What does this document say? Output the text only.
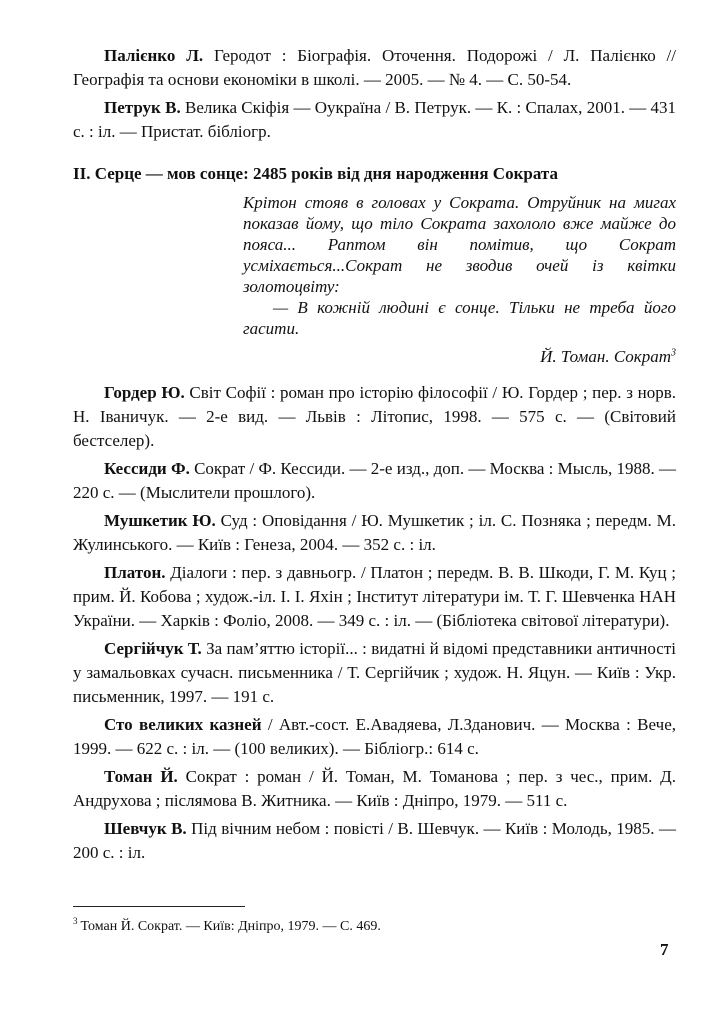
Палієнко Л. Геродот : Біографія. Оточення. Подорожі / Л. Палієнко // Географія та основи економіки в школі. — 2005. — № 4. — С. 50-54.

Петрук В. Велика Скіфія — Оукраїна / В. Петрук. — К. : Спалах, 2001. — 431 с. : іл. — Пристат. бібліогр.

ІІ. Серце — мов сонце: 2485 років від дня народження Сократа

Крітон стояв в головах у Сократа. Отруйник на мигах показав йому, що тіло Сократа захололо вже майже до пояса... Раптом він помітив, що Сократ усміхається...Сократ не зводив очей із квітки золотоцвіту:

— В кожній людині є сонце. Тільки не треба його гасити.

Й. Томан. Сократ$^3$

Гордер Ю. Світ Софії : роман про історію філософії / Ю. Гордер ; пер. з норв. Н. Іваничук. — 2-е вид. — Львів : Літопис, 1998. — 575 с. — (Світовий бестселер).

Кессиди Ф. Сократ / Ф. Кессиди. — 2-е изд., доп. — Москва : Мысль, 1988. — 220 с. — (Мыслители прошлого).

Мушкетик Ю. Суд : Оповідання / Ю. Мушкетик ; іл. С. Позняка ; передм. М. Жулинського. — Київ : Генеза, 2004. — 352 с. : іл.

Платон. Діалоги : пер. з давньогр. / Платон ; передм. В. В. Шкоди, Г. М. Куц ; прим. Й. Кобова ; худож.-іл. І. І. Яхін ; Інститут літератури ім. Т. Г. Шевченка НАН України. — Харків : Фоліо, 2008. — 349 с. : іл. — (Бібліотека світової літератури).

Сергійчук Т. За пам’яттю історії... : видатні й відомі представники античності у замальовках сучасн. письменника / Т. Сергійчик ; худож. Н. Яцун. — Київ : Укр. письменник, 1997. — 191 с.

Сто великих казней / Авт.-сост. Е.Авадяева, Л.Зданович. — Москва : Вече, 1999. — 622 с. : іл. — (100 великих). — Бібліогр.: 614 с.

Томан Й. Сократ : роман / Й. Томан, М. Томанова ; пер. з чес., прим. Д. Андрухова ; післямова В. Житника. — Київ : Дніпро, 1979. — 511 с.

Шевчук В. Під вічним небом : повісті / В. Шевчук. — Київ : Молодь, 1985. — 200 с. : іл.

$^3$ Томан Й. Сократ. — Київ: Дніпро, 1979. — С. 469.
7
